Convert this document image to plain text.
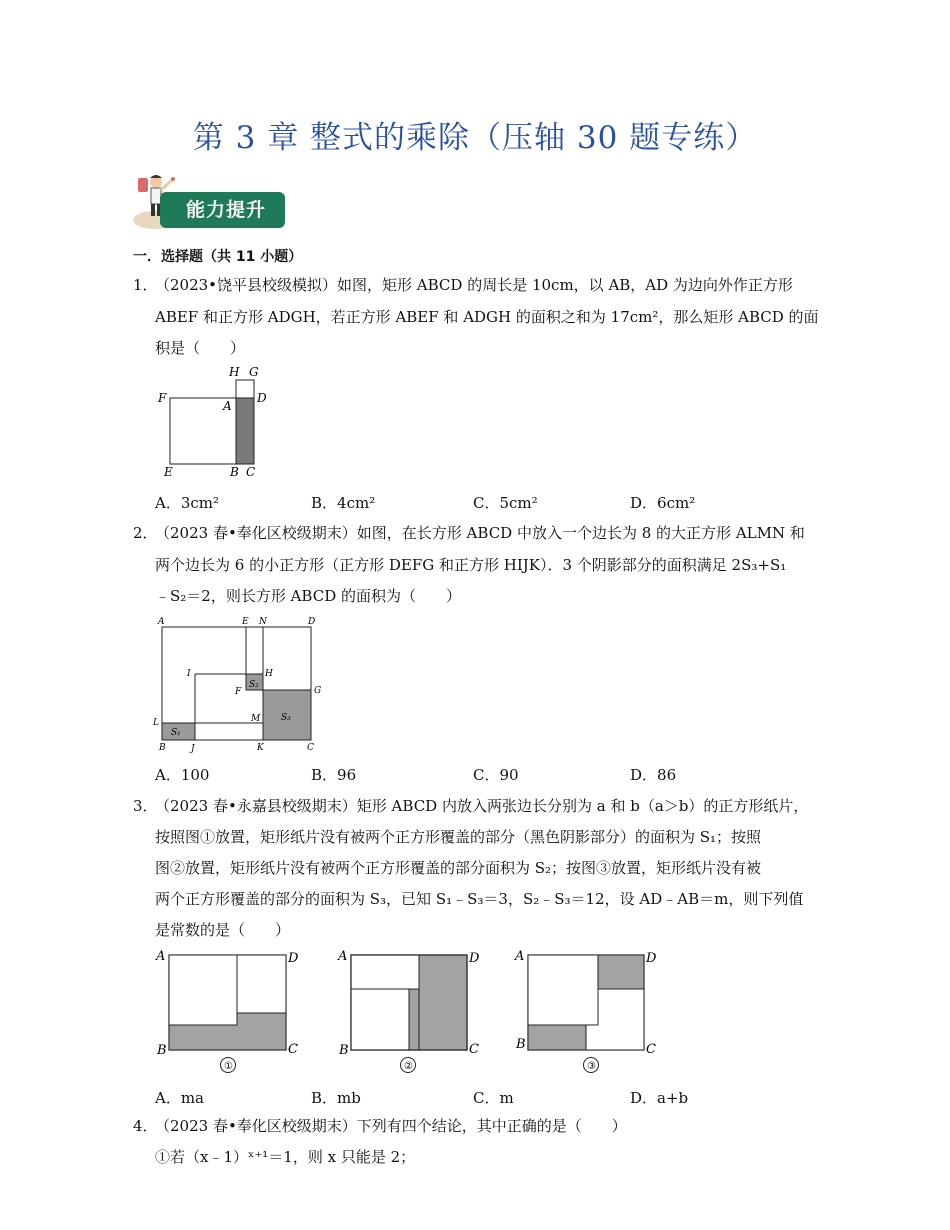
第 3 章 整式的乘除（压轴 30 题专练）
能力提升
一．选择题（共 11 小题）
1．
（2023•饶平县校级模拟）如图，矩形 ABCD 的周长是 10cm，以 AB，AD 为边向外作正方形
ABEF 和正方形 ADGH，若正方形 ABEF 和 ADGH 的面积之和为 17cm²，那么矩形 ABCD 的面
积是（　　）
H G
F
A
D
E	B C
A．3cm²	B．4cm²	C．5cm²	D．6cm²
2．
（2023 春•奉化区校级期末）如图，在长方形 ABCD 中放入一个边长为 8 的大正方形 ALMN 和
两个边长为 6 的小正方形（正方形 DEFG 和正方形 HIJK）．3 个阴影部分的面积满足 2S₃+S₁
﹣S₂＝2，则长方形 ABCD 的面积为（　　）
A	E N	D
I	H
F
S₂
G
L	M S₃
S₁
B	J	K	C
A．100	B．96	C．90	D．86
3．
（2023 春•永嘉县校级期末）矩形 ABCD 内放入两张边长分别为 a 和 b（a＞b）的正方形纸片，
按照图①放置，矩形纸片没有被两个正方形覆盖的部分（黑色阴影部分）的面积为 S₁；按照
图②放置，矩形纸片没有被两个正方形覆盖的部分面积为 S₂；按图③放置，矩形纸片没有被
两个正方形覆盖的部分的面积为 S₃，已知 S₁﹣S₃＝3，S₂﹣S₃＝12，设 AD﹣AB＝m，则下列值
是常数的是（　　）
A	D
B	C
①
A	D
B	C
②
A	D
B	C
③
A．ma	B．mb	C．m	D．a+b
4．
（2023 春•奉化区校级期末）下列有四个结论，其中正确的是（　　）
①若（x﹣1）ˣ⁺¹＝1，则 x 只能是 2；
